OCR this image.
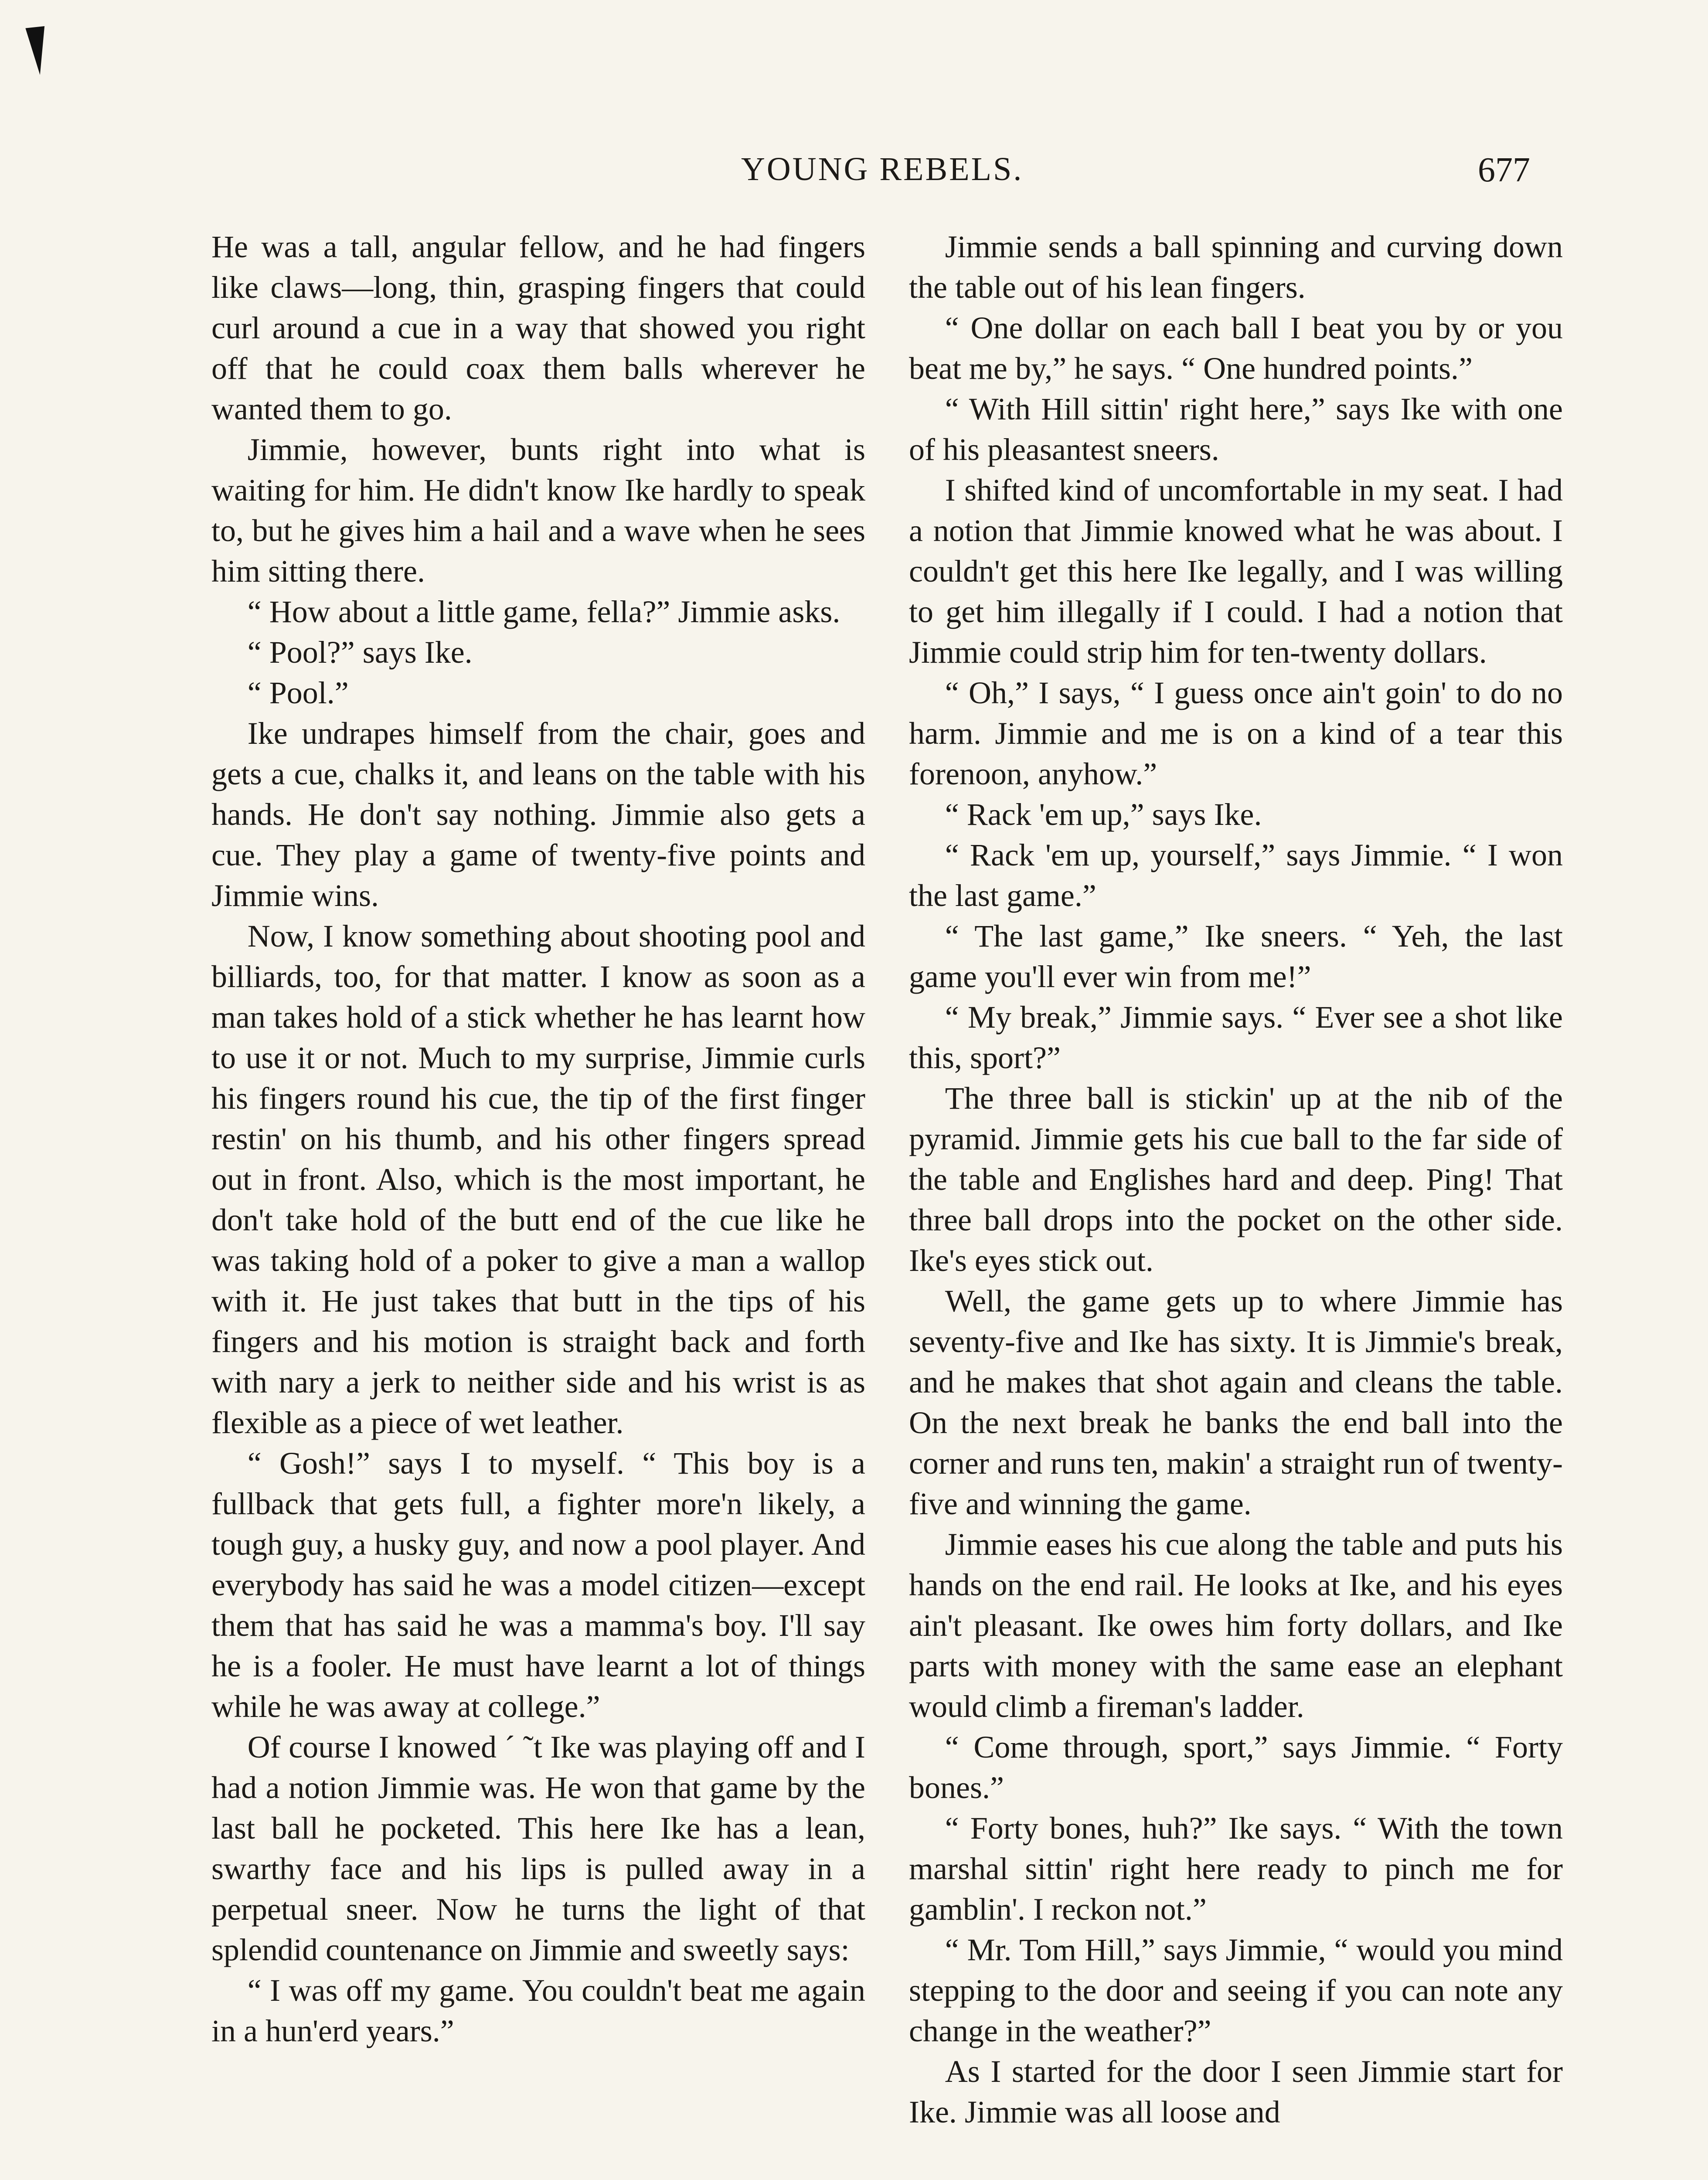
YOUNG REBELS.	677

He was a tall, angular fellow, and he had fingers like claws—long, thin, grasping fingers that could curl around a cue in a way that showed you right off that he could coax them balls wherever he wanted them to go.

Jimmie, however, bunts right into what is waiting for him. He didn't know Ike hardly to speak to, but he gives him a hail and a wave when he sees him sitting there.

“ How about a little game, fella?” Jimmie asks.

“ Pool?” says Ike.

“ Pool.”

Ike undrapes himself from the chair, goes and gets a cue, chalks it, and leans on the table with his hands. He don't say nothing. Jimmie also gets a cue. They play a game of twenty-five points and Jimmie wins.

Now, I know something about shooting pool and billiards, too, for that matter. I know as soon as a man takes hold of a stick whether he has learnt how to use it or not. Much to my surprise, Jimmie curls his fingers round his cue, the tip of the first finger restin' on his thumb, and his other fingers spread out in front. Also, which is the most important, he don't take hold of the butt end of the cue like he was taking hold of a poker to give a man a wallop with it. He just takes that butt in the tips of his fingers and his motion is straight back and forth with nary a jerk to neither side and his wrist is as flexible as a piece of wet leather.

“ Gosh!” says I to myself. “ This boy is a fullback that gets full, a fighter more'n likely, a tough guy, a husky guy, and now a pool player. And everybody has said he was a model citizen—except them that has said he was a mamma's boy. I'll say he is a fooler. He must have learnt a lot of things while he was away at college.”

Of course I knowed ´ ˜t Ike was playing off and I had a notion Jimmie was. He won that game by the last ball he pocketed. This here Ike has a lean, swarthy face and his lips is pulled away in a perpetual sneer. Now he turns the light of that splendid countenance on Jimmie and sweetly says:

“ I was off my game. You couldn't beat me again in a hun'erd years.”

Jimmie sends a ball spinning and curving down the table out of his lean fingers.

“ One dollar on each ball I beat you by or you beat me by,” he says. “ One hundred points.”

“ With Hill sittin' right here,” says Ike with one of his pleasantest sneers.

I shifted kind of uncomfortable in my seat. I had a notion that Jimmie knowed what he was about. I couldn't get this here Ike legally, and I was willing to get him illegally if I could. I had a notion that Jimmie could strip him for ten-twenty dollars.

“ Oh,” I says, “ I guess once ain't goin' to do no harm. Jimmie and me is on a kind of a tear this forenoon, anyhow.”

“ Rack 'em up,” says Ike.

“ Rack 'em up, yourself,” says Jimmie. “ I won the last game.”

“ The last game,” Ike sneers. “ Yeh, the last game you'll ever win from me!”

“ My break,” Jimmie says. “ Ever see a shot like this, sport?”

The three ball is stickin' up at the nib of the pyramid. Jimmie gets his cue ball to the far side of the table and Englishes hard and deep. Ping! That three ball drops into the pocket on the other side. Ike's eyes stick out.

Well, the game gets up to where Jimmie has seventy-five and Ike has sixty. It is Jimmie's break, and he makes that shot again and cleans the table. On the next break he banks the end ball into the corner and runs ten, makin' a straight run of twenty-five and winning the game.

Jimmie eases his cue along the table and puts his hands on the end rail. He looks at Ike, and his eyes ain't pleasant. Ike owes him forty dollars, and Ike parts with money with the same ease an elephant would climb a fireman's ladder.

“ Come through, sport,” says Jimmie. “ Forty bones.”

“ Forty bones, huh?” Ike says. “ With the town marshal sittin' right here ready to pinch me for gamblin'. I reckon not.”

“ Mr. Tom Hill,” says Jimmie, “ would you mind stepping to the door and seeing if you can note any change in the weather?”

As I started for the door I seen Jimmie start for Ike. Jimmie was all loose and
